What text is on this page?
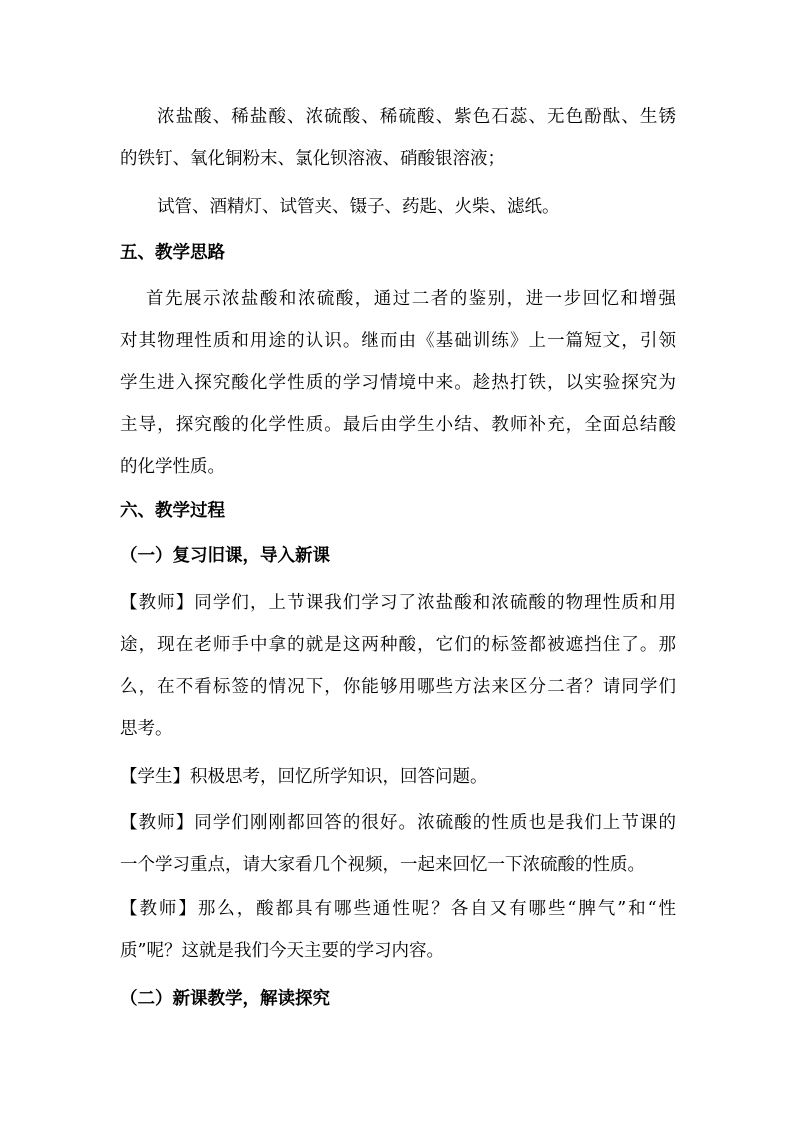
浓盐酸、稀盐酸、浓硫酸、稀硫酸、紫色石蕊、无色酚酞、生锈
的铁钉、氧化铜粉末、氯化钡溶液、硝酸银溶液；
试管、酒精灯、试管夹、镊子、药匙、火柴、滤纸。
五、教学思路
首先展示浓盐酸和浓硫酸，通过二者的鉴别，进一步回忆和增强
对其物理性质和用途的认识。继而由《基础训练》上一篇短文，引领
学生进入探究酸化学性质的学习情境中来。趁热打铁，以实验探究为
主导，探究酸的化学性质。最后由学生小结、教师补充，全面总结酸
的化学性质。
六、教学过程
（一）复习旧课，导入新课
【教师】同学们，上节课我们学习了浓盐酸和浓硫酸的物理性质和用
途，现在老师手中拿的就是这两种酸，它们的标签都被遮挡住了。那
么，在不看标签的情况下，你能够用哪些方法来区分二者？请同学们
思考。
【学生】积极思考，回忆所学知识，回答问题。
【教师】同学们刚刚都回答的很好。浓硫酸的性质也是我们上节课的
一个学习重点，请大家看几个视频，一起来回忆一下浓硫酸的性质。
【教师】那么，酸都具有哪些通性呢？各自又有哪些“脾气”和“性
质”呢？这就是我们今天主要的学习内容。
（二）新课教学，解读探究
